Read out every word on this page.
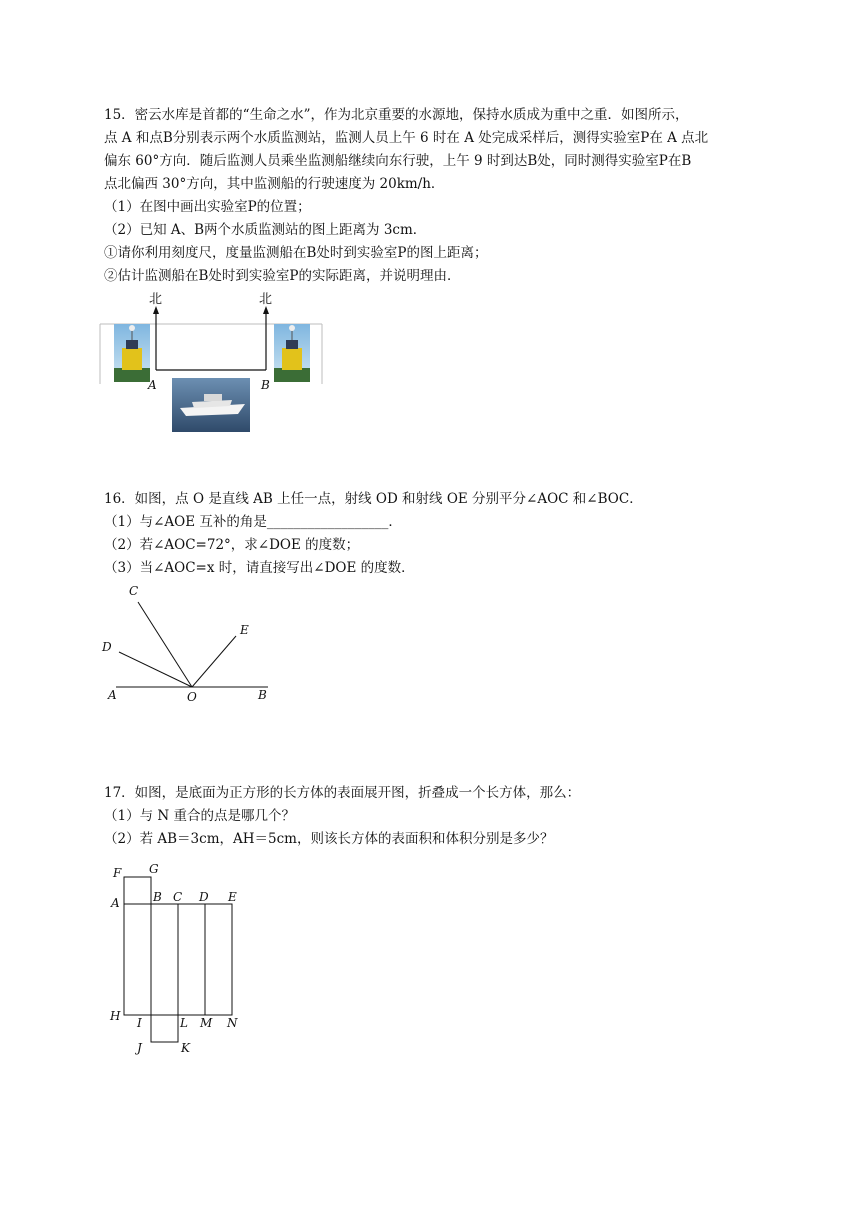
15．密云水库是首都的“生命之水”，作为北京重要的水源地，保持水质成为重中之重．如图所示，
点 A 和点B分别表示两个水质监测站，监测人员上午 6 时在 A 处完成采样后，测得实验室P在 A 点北
偏东 60°方向．随后监测人员乘坐监测船继续向东行驶，上午 9 时到达B处，同时测得实验室P在B
点北偏西 30°方向，其中监测船的行驶速度为 20km/h．
（1）在图中画出实验室P的位置；
（2）已知 A、B两个水质监测站的图上距离为 3cm．
①请你利用刻度尺，度量监测船在B处时到实验室P的图上距离；
②估计监测船在B处时到实验室P的实际距离，并说明理由．
北	北
A	B
16．如图，点 O 是直线 AB 上任一点，射线 OD 和射线 OE 分别平分∠AOC 和∠BOC．
（1）与∠AOE 互补的角是__________________．
（2）若∠AOC=72°，求∠DOE 的度数；
（3）当∠AOC=x 时，请直接写出∠DOE 的度数．
C
D
E
A	O	B
17．如图，是底面为正方形的长方体的表面展开图，折叠成一个长方体，那么：
（1）与 N 重合的点是哪几个？
（2）若 AB＝3cm，AH＝5cm，则该长方体的表面积和体积分别是多少？
F G
A	B C D E
H I	L M N
J	K
